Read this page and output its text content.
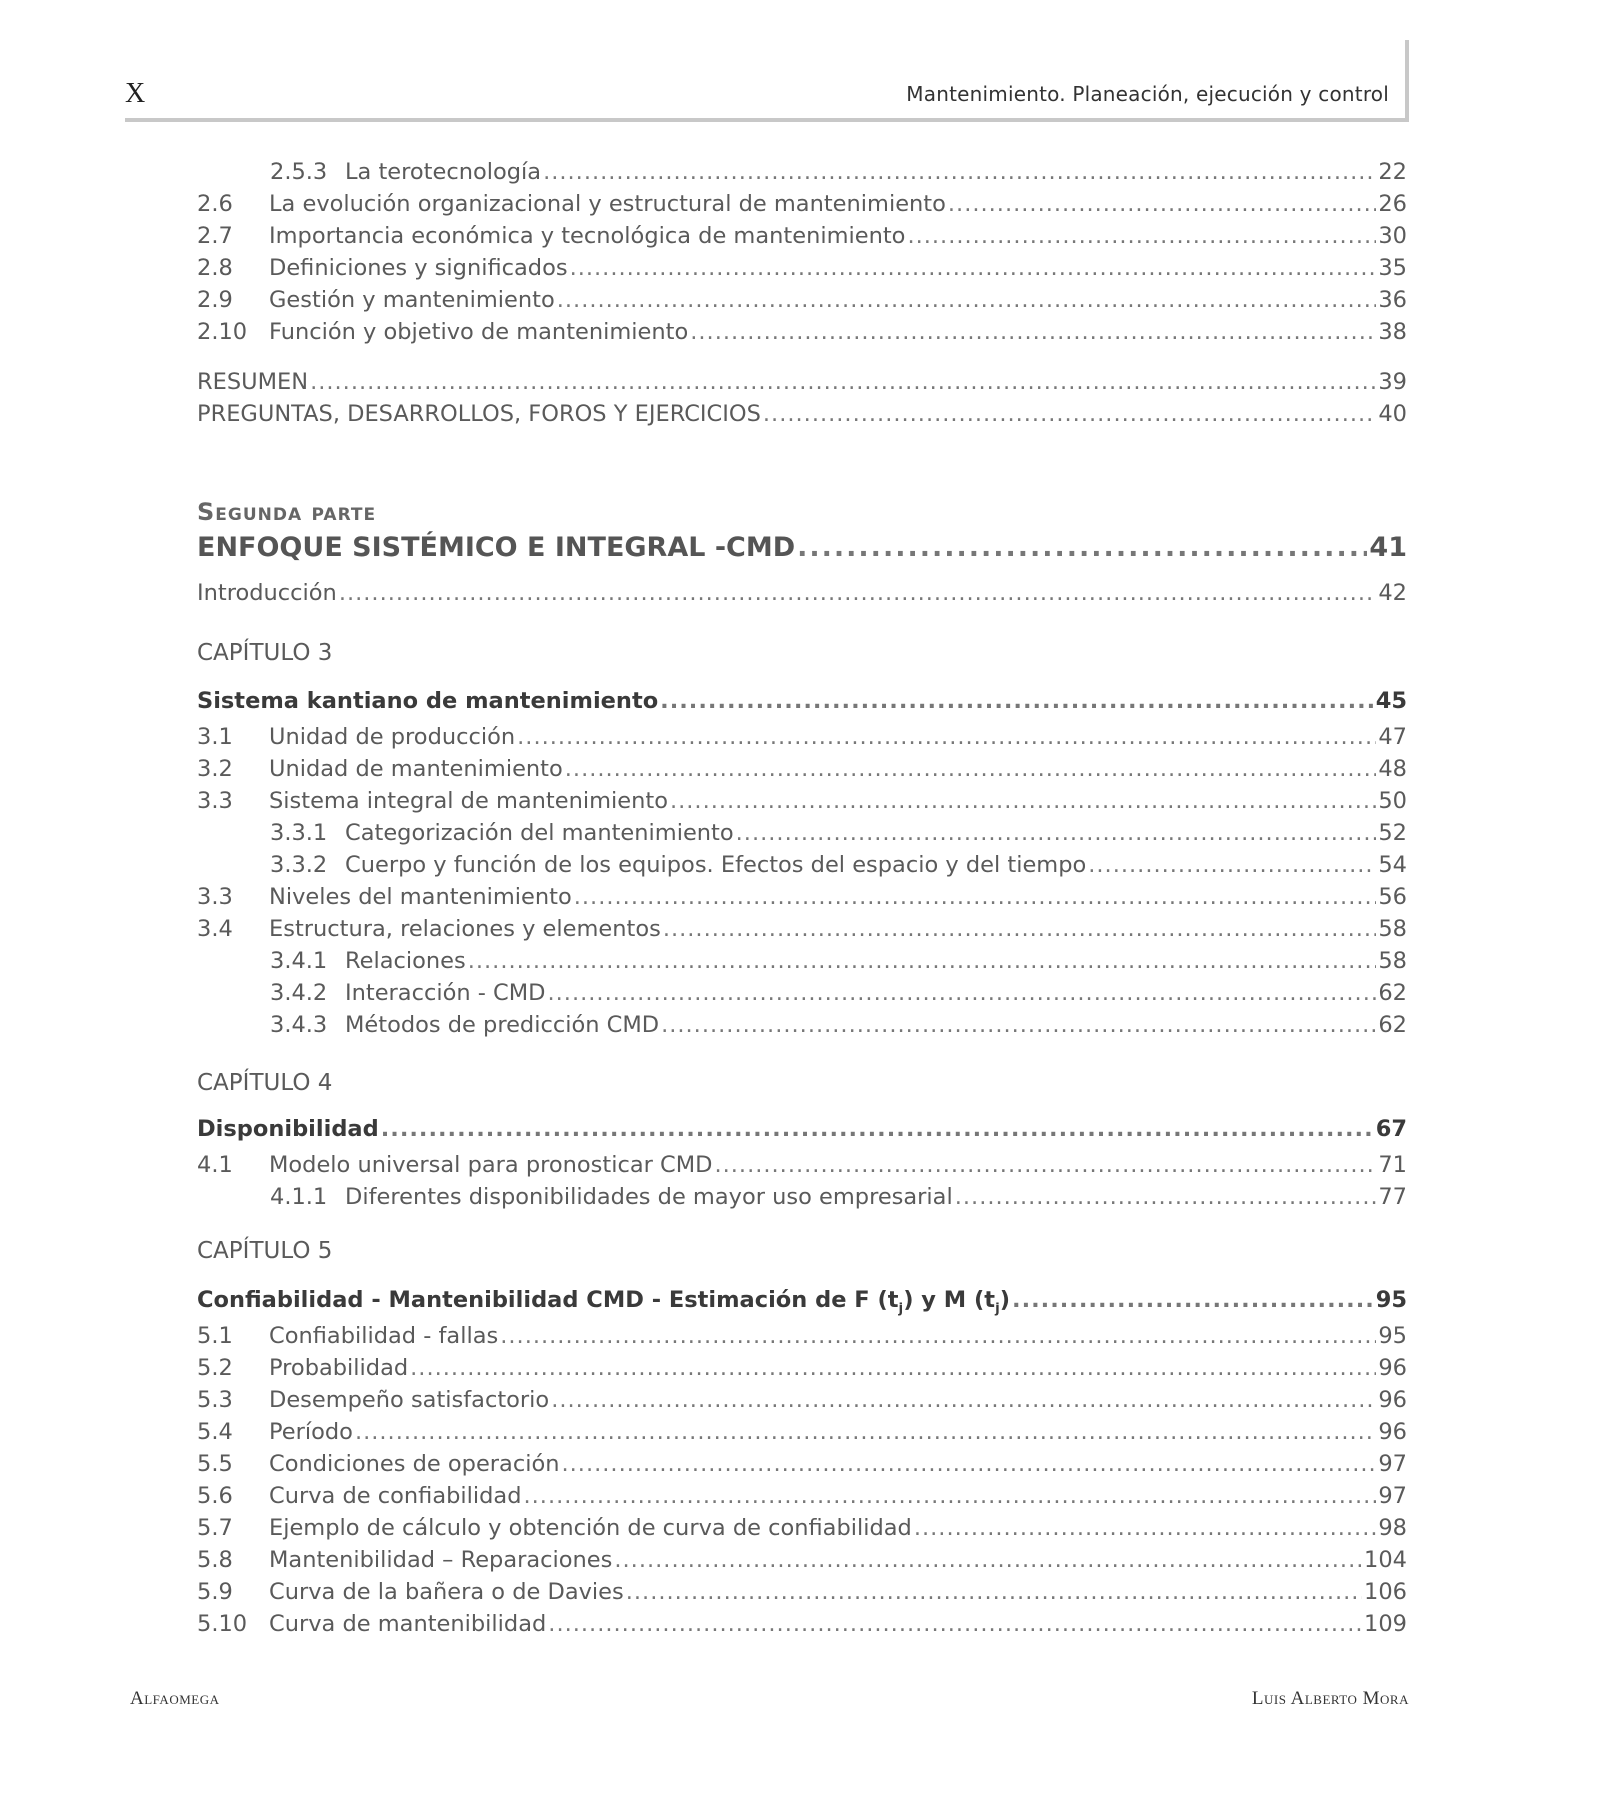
X	Mantenimiento. Planeación, ejecución y control
2.5.3 La terotecnología .....	22
2.6	La evolución organizacional y estructural de mantenimiento .....	26
2.7	Importancia económica y tecnológica de mantenimiento .....	30
2.8	Definiciones y significados .....	35
2.9	Gestión y mantenimiento .....	36
2.10 Función y objetivo de mantenimiento .....	38
RESUMEN .....	39
PREGUNTAS, DESARROLLOS, FOROS Y EJERCICIOS .....	40
Segunda parte
ENFOQUE SISTÉMICO E INTEGRAL -CMD .....	41
Introducción .....	42
CAPÍTULO 3
Sistema kantiano de mantenimiento .....	45
3.1	Unidad de producción .....	47
3.2	Unidad de mantenimiento .....	48
3.3	Sistema integral de mantenimiento .....	50
3.3.1 Categorización del mantenimiento .....	52
3.3.2 Cuerpo y función de los equipos. Efectos del espacio y del tiempo .....	54
3.3	Niveles del mantenimiento .....	56
3.4	Estructura, relaciones y elementos .....	58
3.4.1 Relaciones .....	58
3.4.2 Interacción - CMD .....	62
3.4.3 Métodos de predicción CMD .....	62
CAPÍTULO 4
Disponibilidad .....	67
4.1	Modelo universal para pronosticar CMD .....	71
4.1.1 Diferentes disponibilidades de mayor uso empresarial .....	77
CAPÍTULO 5
Confiabilidad - Mantenibilidad CMD - Estimación de F $(t_j)$ y M $(t_j)$ .....	95
5.1	Confiabilidad - fallas .....	95
5.2	Probabilidad .....	96
5.3	Desempeño satisfactorio .....	96
5.4	Período .....	96
5.5	Condiciones de operación .....	97
5.6	Curva de confiabilidad .....	97
5.7	Ejemplo de cálculo y obtención de curva de confiabilidad .....	98
5.8	Mantenibilidad – Reparaciones .....	104
5.9	Curva de la bañera o de Davies .....	106
5.10 Curva de mantenibilidad .....	109
Alfaomega	Luis Alberto Mora
